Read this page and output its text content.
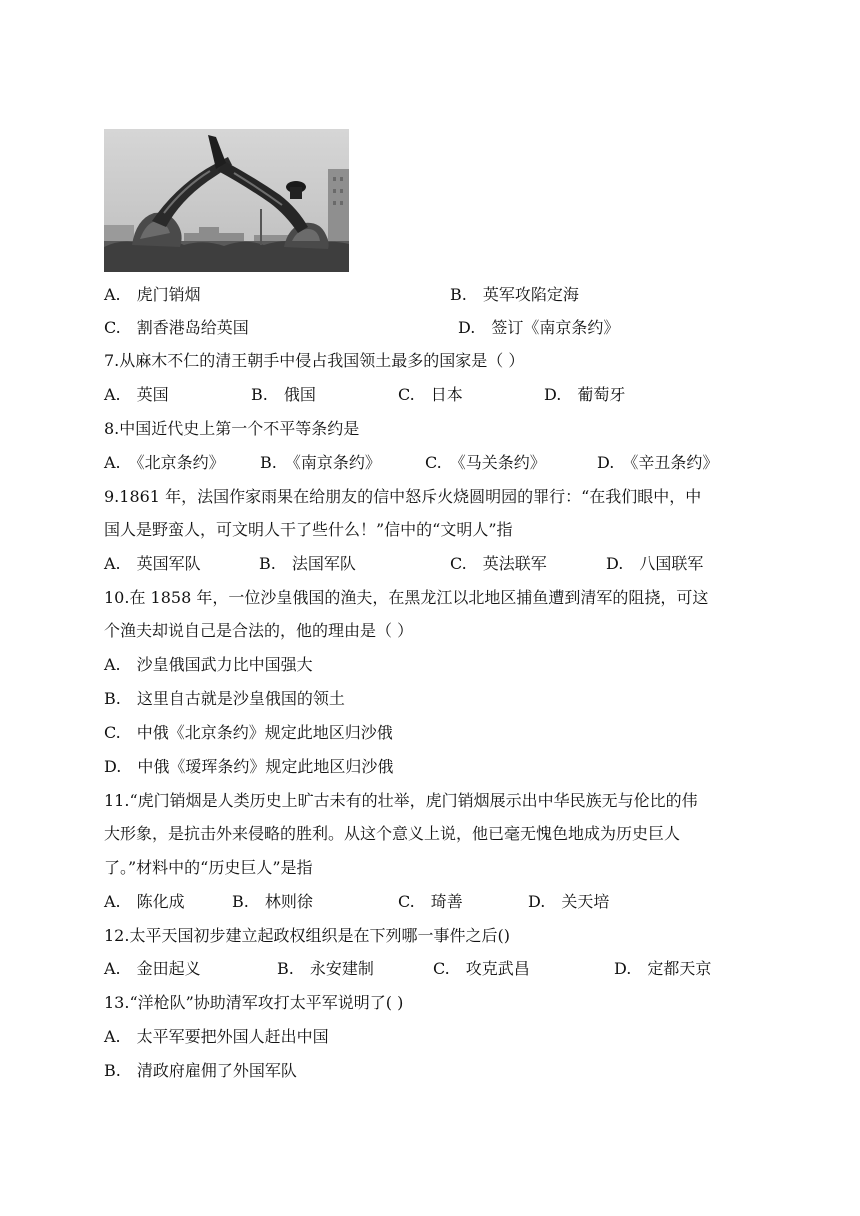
A.　虎门销烟	B.　英军攻陷定海
C.　割香港岛给英国	D.　签订《南京条约》
7.从麻木不仁的清王朝手中侵占我国领土最多的国家是（ ）
A.　英国	B.　俄国	C.　日本	D.　葡萄牙
8.中国近代史上第一个不平等条约是
A.　《北京条约》 B.　《南京条约》	C.　《马关条约》	D.　《辛丑条约》
9.1861 年，法国作家雨果在给朋友的信中怒斥火烧圆明园的罪行：“在我们眼中，中
国人是野蛮人，可文明人干了些什么！”信中的“文明人”指
A.　英国军队	B.　法国军队	C.　英法联军	D.　八国联军
10.在 1858 年，一位沙皇俄国的渔夫，在黑龙江以北地区捕鱼遭到清军的阻挠，可这
个渔夫却说自己是合法的，他的理由是（ ）
A.　沙皇俄国武力比中国强大
B.　这里自古就是沙皇俄国的领土
C.　中俄《北京条约》规定此地区归沙俄
D.　中俄《瑷珲条约》规定此地区归沙俄
11.“虎门销烟是人类历史上旷古未有的壮举，虎门销烟展示出中华民族无与伦比的伟
大形象，是抗击外来侵略的胜利。从这个意义上说，他已毫无愧色地成为历史巨人
了。”材料中的“历史巨人”是指
A.　陈化成	B.　林则徐	C.　琦善	D.　关天培
12.太平天国初步建立起政权组织是在下列哪一事件之后()
A.　金田起义	B.　永安建制	C.　攻克武昌	D.　定都天京
13.“洋枪队”协助清军攻打太平军说明了( )
A.　太平军要把外国人赶出中国
B.　清政府雇佣了外国军队
